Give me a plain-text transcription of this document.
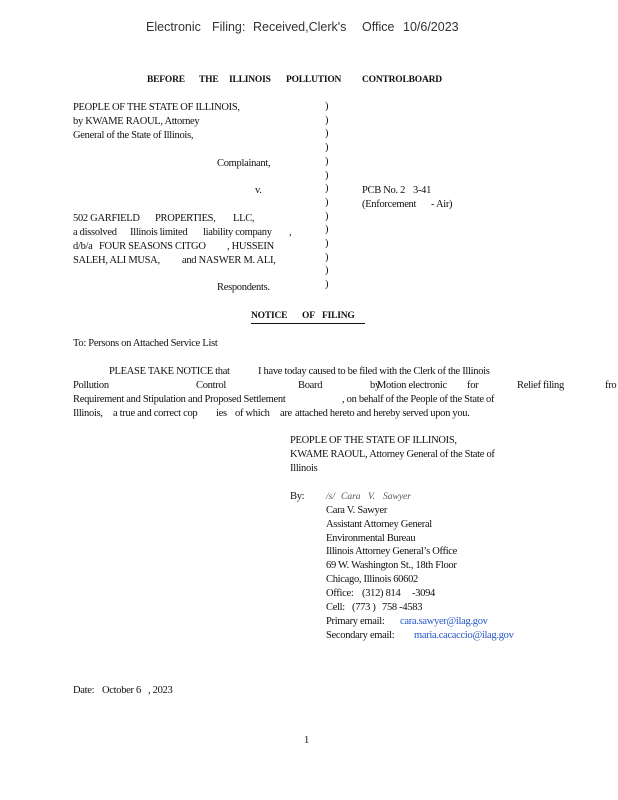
Electronic Filing: Received,Clerk's Office 10/6/2023
BEFORE THE ILLINOIS POLLUTION CONTROLBOARD
PEOPLE OF THE STATE OF ILLINOIS,
by KWAME RAOUL, Attorney
General of the State of Illinois,
Complainant,
v.
)
)
)
)
)
)
)
)
)
)
)
)
)
)
PCB No. 2 3-41
(Enforcement - Air)
502 GARFIELD PROPERTIES, LLC,
a dissolved Illinois limited liability company ,
d/b/a FOUR SEASONS CITGO , HUSSEIN
SALEH, ALI MUSA, and NASWER M. ALI,
Respondents.
NOTICE OF FILING
To: Persons on Attached Service List
PLEASE TAKE NOTICE that	I have today caused to be filed with the Clerk of the Illinois
Pollution	Control	Board	by
Motion electronic for	Relief filing	fro
Requirement and Stipulation and Proposed Settlement	, on behalf of the People of the State of
Illinois, a true and correct cop ies of which are attached hereto and hereby served upon you.
PEOPLE OF THE STATE OF ILLINOIS,
KWAME RAOUL, Attorney General of the State of
Illinois
By: /s/ Cara V. Sawyer
Cara V. Sawyer
Assistant Attorney General
Environmental Bureau
Illinois Attorney General’s Office
69 W. Washington St., 18th Floor
Chicago, Illinois 60602
Office: (312) 814 -3094
Cell: (773 ) 758 -4583
Primary email: cara.sawyer@ilag.gov
Secondary email: maria.cacaccio@ilag.gov
Date: October 6 , 2023
1
